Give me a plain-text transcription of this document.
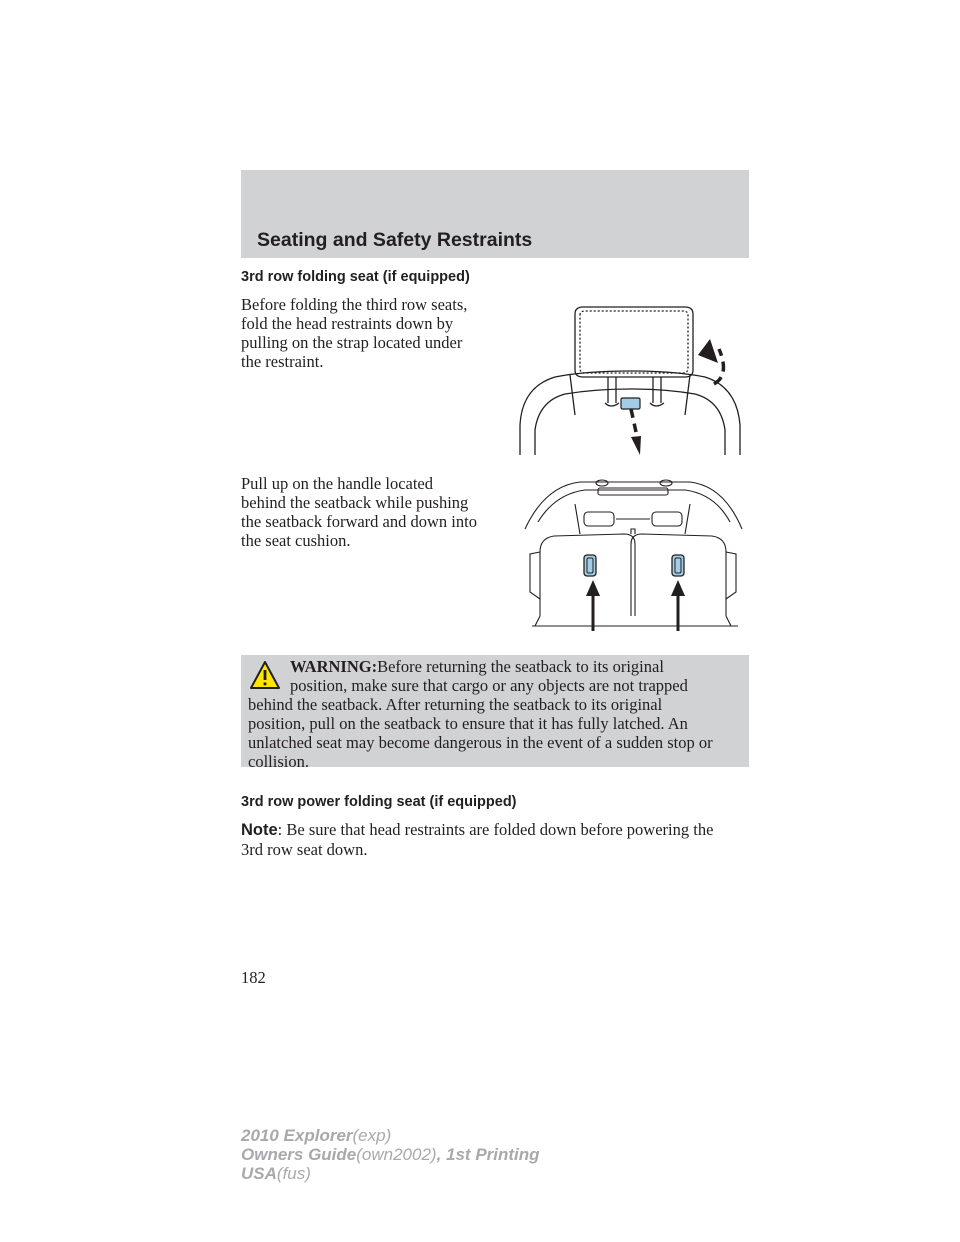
Seating and Safety Restraints
3rd row folding seat (if equipped)
Before folding the third row seats,
fold the head restraints down by
pulling on the strap located under
the restraint.
Pull up on the handle located
behind the seatback while pushing
the seatback forward and down into
the seat cushion.
WARNING:Before returning the seatback to its original
position, make sure that cargo or any objects are not trapped
behind the seatback. After returning the seatback to its original
position, pull on the seatback to ensure that it has fully latched. An
unlatched seat may become dangerous in the event of a sudden stop or
collision.
3rd row power folding seat (if equipped)
Note: Be sure that head restraints are folded down before powering the
3rd row seat down.
182
2010 Explorer(exp)
Owners Guide(own2002), 1st Printing
USA(fus)
